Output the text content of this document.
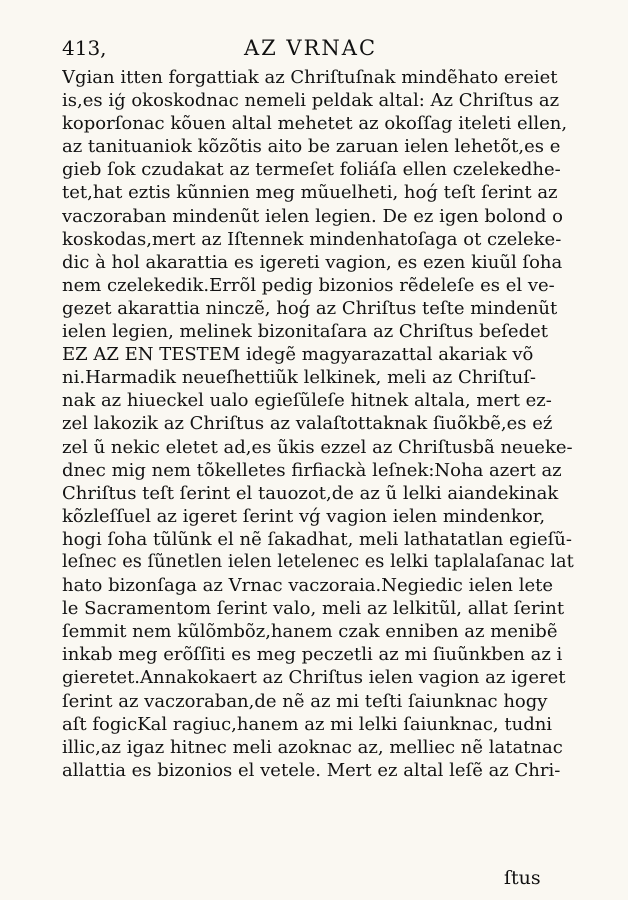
413,	AZ VRNAC
Vgian itten forgattiak az Chriſtuſnak mindẽhato ereiet
is,es iģ okoskodnac nemeli peldak altal: Az Chriſtus az
koporſonac kõuen altal mehetet az okoſſag iteleti ellen,
az tanituaniok kõzõtis aito be zaruan ielen lehetõt,es e
gieb ſok czudakat az termeſet foliáſa ellen czelekedhe-
tet,hat eztis kũnnien meg mũuelheti, hoǵ teſt ſerint az
vaczoraban mindenũt ielen legien. De ez igen bolond o
koskodas,mert az Iſtennek mindenhatoſaga ot czeleke-
dic à hol akarattia es igereti vagion, es ezen kiuũl ſoha
nem czelekedik.Errõl pedig bizonios rẽdeleſe es el ve-
gezet akarattia ninczẽ, hoǵ az Chriſtus teſte mindenũt
ielen legien, melinek bizonitaſara az Chriſtus beſedet
EZ AZ EN TESTEM idegẽ magyarazattal akariak võ
ni.Harmadik neueſhettiũk lelkinek, meli az Chriſtuſ-
nak az hiueckel ualo egieſũleſe hitnek altala, mert ez-
zel lakozik az Chriſtus az valaſtottaknak ſiuõkbẽ,es eź
zel ũ nekic eletet ad,es ũkis ezzel az Chriſtusbã neueke-
dnec mig nem tõkelletes firfiackà leſnek:Noha azert az
Chriſtus teſt ſerint el tauozot,de az ũ lelki aiandekinak
kõzleſſuel az igeret ſerint vǵ vagion ielen mindenkor,
hogi ſoha tũlũnk el nẽ ſakadhat, meli lathatatlan egieſũ-
leſnec es ſũnetlen ielen letelenec es lelki taplalaſanac lat
hato bizonſaga az Vrnac vaczoraia.Negiedic ielen lete
le Sacramentom ſerint valo, meli az lelkitũl, allat ſerint
ſemmit nem kũlõmbõz,hanem czak enniben az menibẽ
inkab meg erõſſiti es meg peczetli az mi ſiuũnkben az i
gieretet.Annakokaert az Chriſtus ielen vagion az igeret
ſerint az vaczoraban,de nẽ az mi teſti ſaiunknac hogy
aſt fogicKal ragiuc,hanem az mi lelki ſaiunknac, tudni
illic,az igaz hitnec meli azoknac az, melliec nẽ latatnac
allattia es bizonios el vetele. Mert ez altal leſẽ az Chri-
ſtus
